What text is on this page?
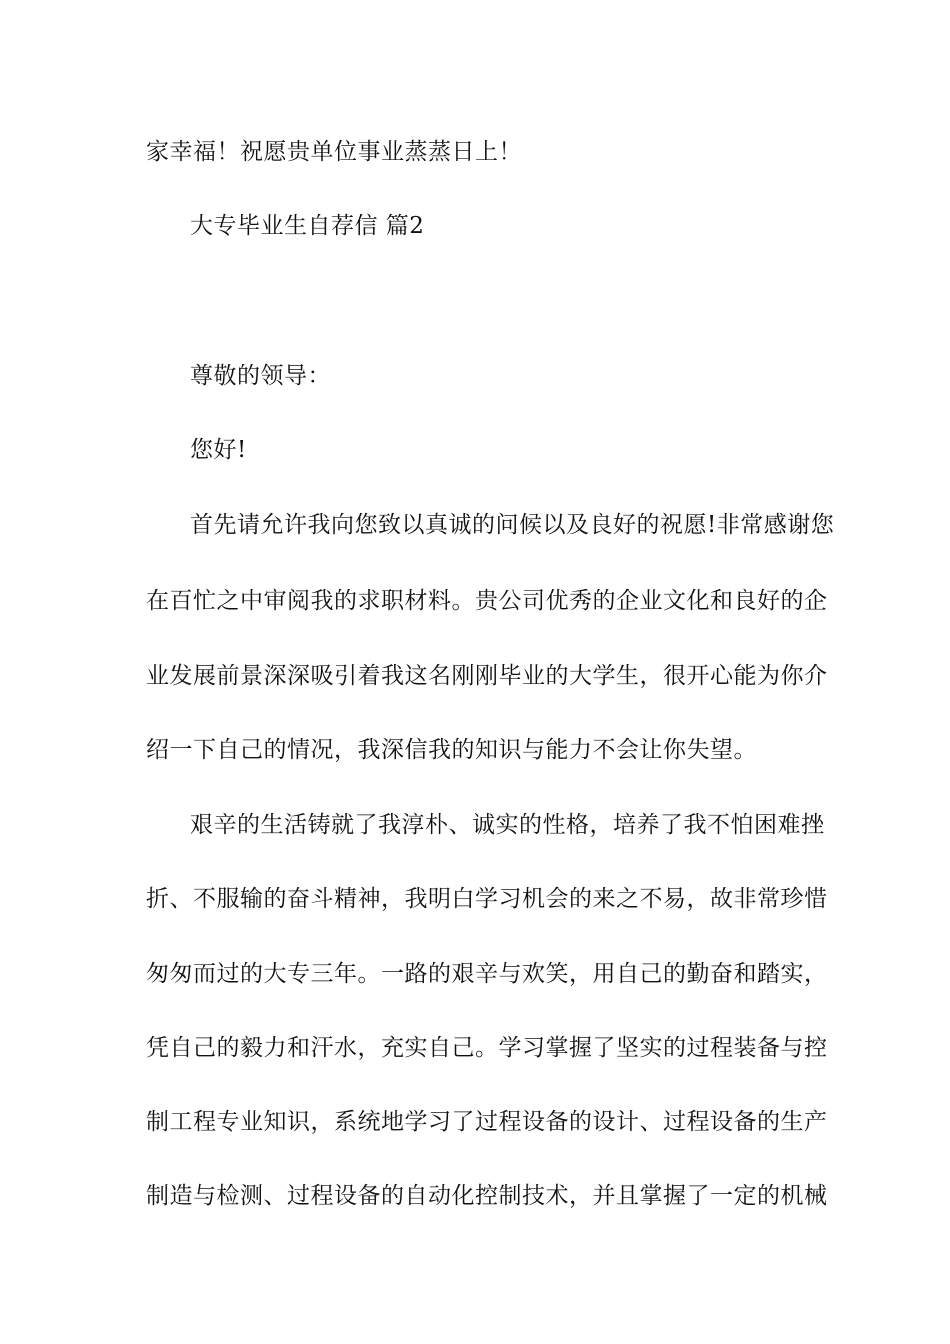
家幸福！祝愿贵单位事业蒸蒸日上！
大专毕业生自荐信 篇2
尊敬的领导：
您好!
首先请允许我向您致以真诚的问候以及良好的祝愿!非常感谢您
在百忙之中审阅我的求职材料。贵公司优秀的企业文化和良好的企
业发展前景深深吸引着我这名刚刚毕业的大学生，很开心能为你介
绍一下自己的情况，我深信我的知识与能力不会让你失望。
艰辛的生活铸就了我淳朴、诚实的性格，培养了我不怕困难挫
折、不服输的奋斗精神，我明白学习机会的来之不易，故非常珍惜
匆匆而过的大专三年。一路的艰辛与欢笑，用自己的勤奋和踏实，
凭自己的毅力和汗水，充实自己。学习掌握了坚实的过程装备与控
制工程专业知识，系统地学习了过程设备的设计、过程设备的生产
制造与检测、过程设备的自动化控制技术，并且掌握了一定的机械
